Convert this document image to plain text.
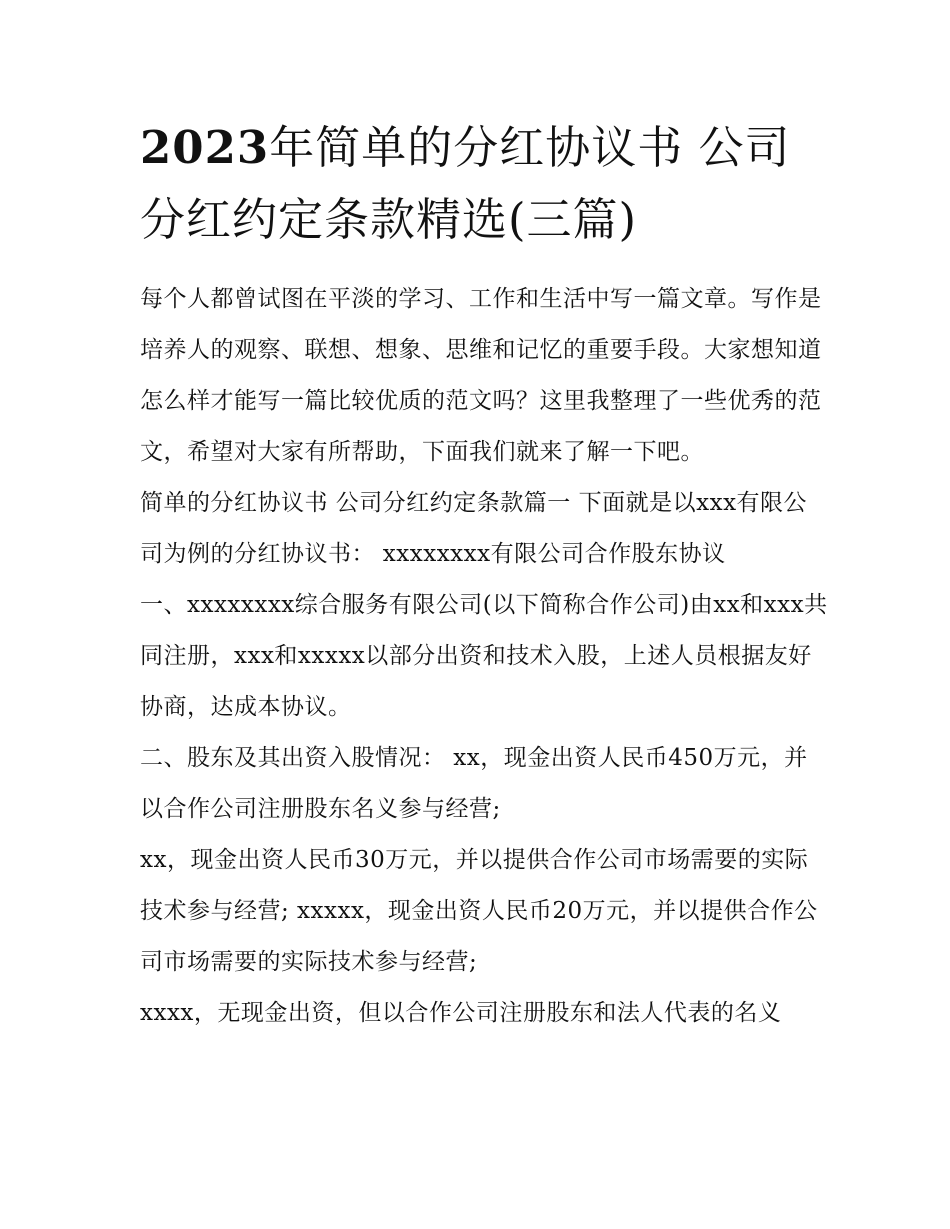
2023年简单的分红协议书 公司分红约定条款精选(三篇)

每个人都曾试图在平淡的学习、工作和生活中写一篇文章。写作是培养人的观察、联想、想象、思维和记忆的重要手段。大家想知道怎么样才能写一篇比较优质的范文吗？这里我整理了一些优秀的范文，希望对大家有所帮助，下面我们就来了解一下吧。

简单的分红协议书 公司分红约定条款篇一 下面就是以xxx有限公司为例的分红协议书： xxxxxxxx有限公司合作股东协议

一、xxxxxxxx综合服务有限公司(以下简称合作公司)由xx和xxx共同注册，xxx和xxxxx以部分出资和技术入股，上述人员根据友好协商，达成本协议。

二、股东及其出资入股情况： xx，现金出资人民币450万元，并以合作公司注册股东名义参与经营;

xx，现金出资人民币30万元，并以提供合作公司市场需要的实际技术参与经营; xxxxx，现金出资人民币20万元，并以提供合作公司市场需要的实际技术参与经营;

xxxx，无现金出资，但以合作公司注册股东和法人代表的名义
